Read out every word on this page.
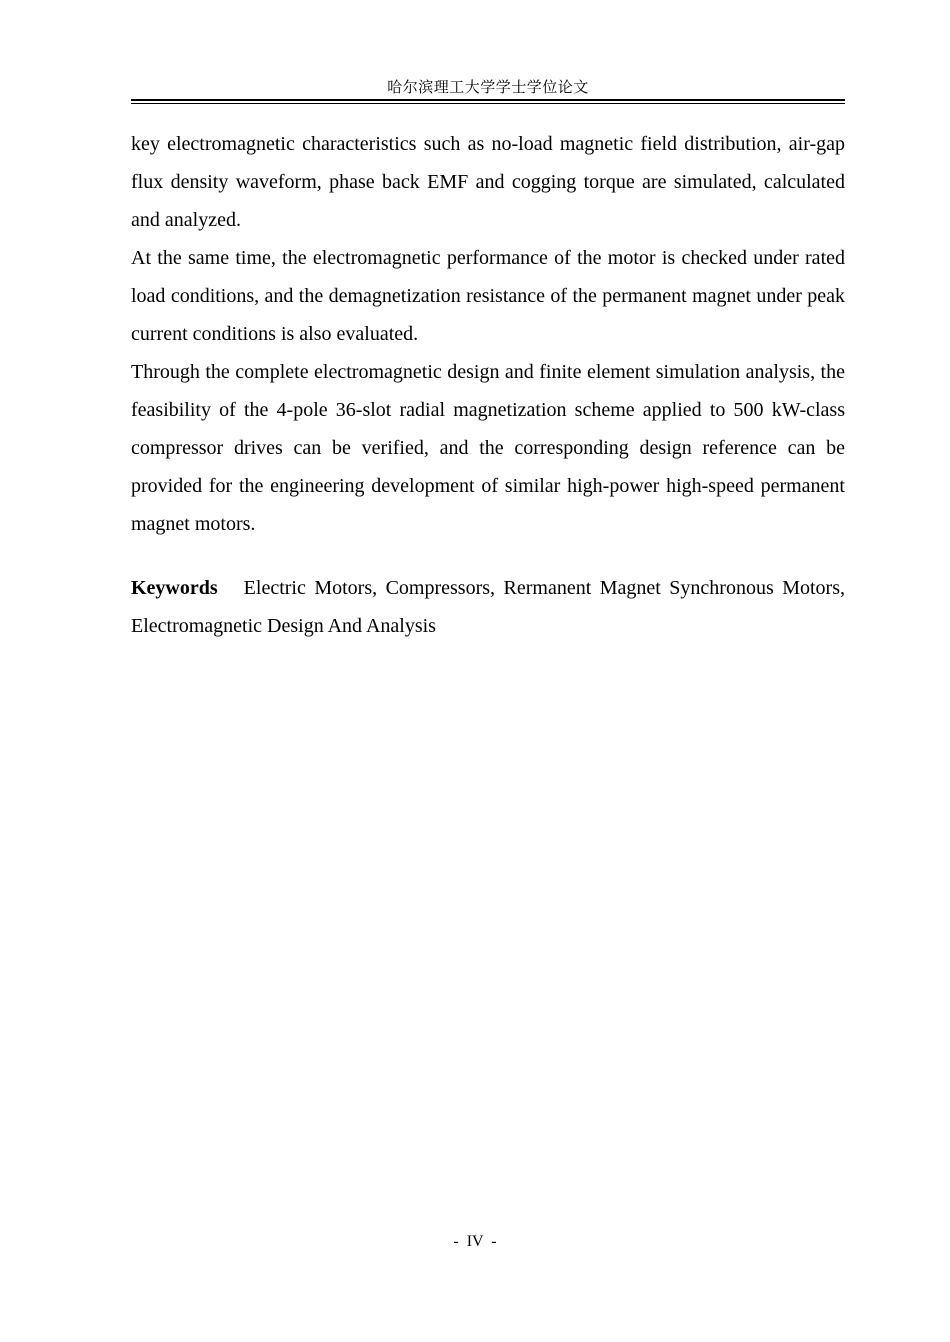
哈尔滨理工大学学士学位论文

key electromagnetic characteristics such as no-load magnetic field distribution, air-gap flux density waveform, phase back EMF and cogging torque are simulated, calculated and analyzed.

At the same time, the electromagnetic performance of the motor is checked under rated load conditions, and the demagnetization resistance of the permanent magnet under peak current conditions is also evaluated.

Through the complete electromagnetic design and finite element simulation analysis, the feasibility of the 4-pole 36-slot radial magnetization scheme applied to 500 kW-class compressor drives can be verified, and the corresponding design reference can be provided for the engineering development of similar high-power high-speed permanent magnet motors.

Keywords Electric Motors, Compressors, Rermanent Magnet Synchronous Motors, Electromagnetic Design And Analysis

- IV -
